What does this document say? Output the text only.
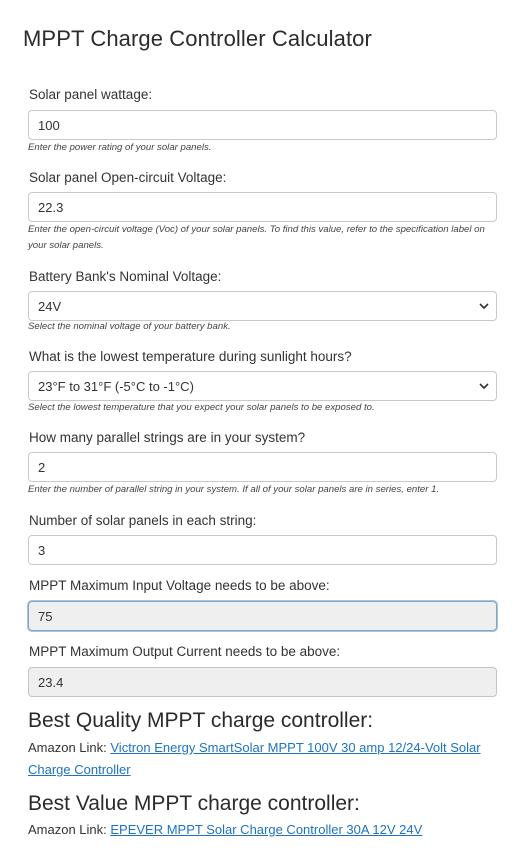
MPPT Charge Controller Calculator
Solar panel wattage:
100
Enter the power rating of your solar panels.
Solar panel Open-circuit Voltage:
22.3
Enter the open-circuit voltage (Voc) of your solar panels. To find this value, refer to the specification label on your solar panels.
Battery Bank's Nominal Voltage:
24V
Select the nominal voltage of your battery bank.
What is the lowest temperature during sunlight hours?
23°F to 31°F (-5°C to -1°C)
Select the lowest temperature that you expect your solar panels to be exposed to.
How many parallel strings are in your system?
2
Enter the number of parallel string in your system. If all of your solar panels are in series, enter 1.
Number of solar panels in each string:
3
MPPT Maximum Input Voltage needs to be above:
75
MPPT Maximum Output Current needs to be above:
23.4
Best Quality MPPT charge controller:
Amazon Link: Victron Energy SmartSolar MPPT 100V 30 amp 12/24-Volt Solar Charge Controller
Best Value MPPT charge controller:
Amazon Link: EPEVER MPPT Solar Charge Controller 30A 12V 24V
